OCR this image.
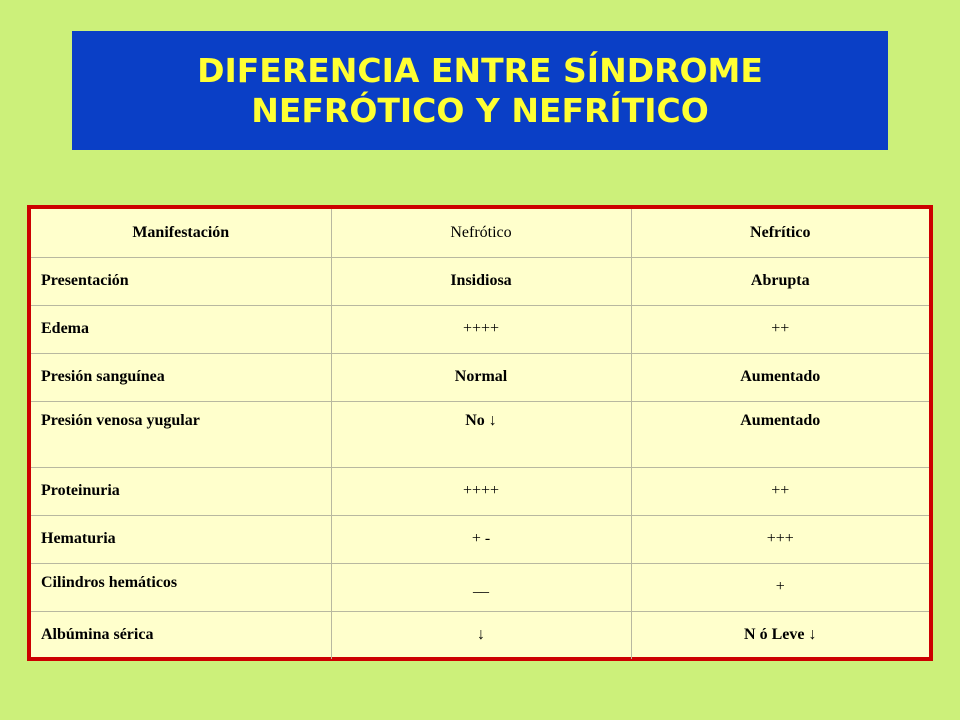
DIFERENCIA ENTRE SÍNDROME
NEFRÓTICO Y NEFRÍTICO
Manifestación	Nefrótico	Nefrítico
Presentación	Insidiosa	Abrupta
Edema	++++	++
Presión sanguínea	Normal	Aumentado
Presión venosa yugular	No ↓	Aumentado
Proteinuria	++++	++
Hematuria	+ -	+++
Cilindros hemáticos	__	+
Albúmina sérica	↓	N ó Leve ↓
